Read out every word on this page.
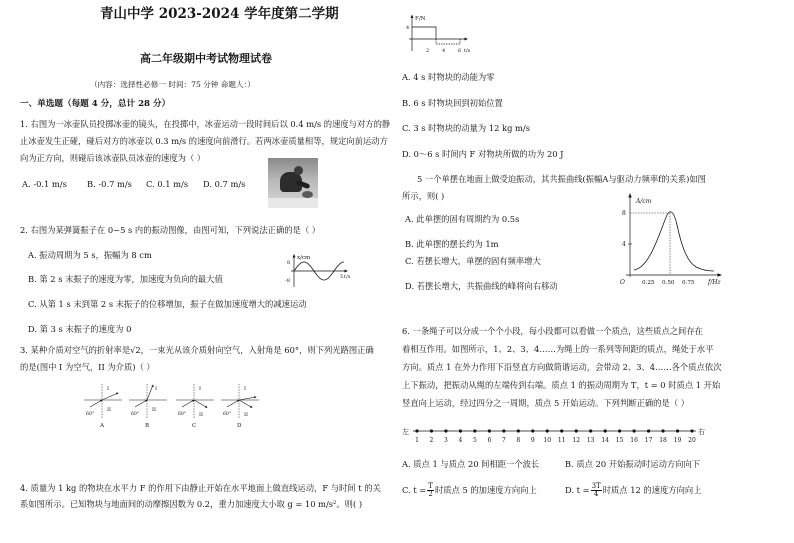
青山中学 2023-2024 学年度第二学期
高二年级期中考试物理试卷
（内容：选择性必修一 时间：75 分钟 命题人：）
一、单选题（每题 4 分，总计 28 分）
1. 右图为一冰壶队员投掷冰壶的镜头，在投掷中，冰壶运动一段时间后以 0.4 m/s 的速度与对方的静
止冰壶发生正碰，碰后对方的冰壶以 0.3 m/s 的速度向前滑行。若两冰壶质量相等，规定向前运动方
向为正方向，则碰后该冰壶队员冰壶的速度为（ ）
A. -0.1 m/s B. -0.7 m/s C. 0.1 m/s D. 0.7 m/s
2. 右图为某弹簧振子在 0~5 s 内的振动图像，由图可知，下列说法正确的是（ ）
A. 振动周期为 5 s，振幅为 8 cm
B. 第 2 s 末振子的速度为零，加速度为负向的最大值
C. 从第 1 s 末到第 2 s 末振子的位移增加，振子在做加速度增大的减速运动
D. 第 3 s 末振子的速度为 0
x/cm
8
-8
5 t/s
3. 某种介质对空气的折射率是√2，一束光从该介质射向空气，入射角是 60°，则下列光路图正确
的是(图中 I 为空气，II 为介质)（ ）
I
II
60°
A
I
II
60°
B
I
II
60°
C
I
II
60°
D
4. 质量为 1 kg 的物块在水平力 F 的作用下由静止开始在水平地面上做直线运动，F 与时间 t 的关
系如图所示。已知物块与地面间的动摩擦因数为 0.2，重力加速度大小取 g = 10 m/s²。则( )
F/N
4
2	4	6 t/s
A. 4 s 时物块的动能为零
B. 6 s 时物块回到初始位置
C. 3 s 时物块的动量为 12 kg m/s
D. 0～6 s 时间内 F 对物块所做的功为 20 J
5 一个单摆在地面上做受迫振动，其共振曲线(振幅A与驱动力频率f的关系)如图
所示，则( )
A. 此单摆的固有周期约为 0.5s
B. 此单摆的摆长约为 1m
C. 若摆长增大，单摆的固有频率增大
D. 若摆长增大，共振曲线的峰将向右移动
A/cm
8
4
O	0.25 0.50 0.75 f/Hz
6. 一条绳子可以分成一个个小段，每小段都可以看做一个质点，这些质点之间存在
着相互作用。如图所示，1、2、3、4……为绳上的一系列等间距的质点，绳处于水平
方向。质点 1 在外力作用下沿竖直方向做简谐运动，会带动 2、3、4……各个质点依次
上下振动，把振动从绳的左端传到右端。质点 1 的振动周期为 T，t = 0 时质点 1 开始
竖直向上运动，经过四分之一周期，质点 5 开始运动。下列判断正确的是（ ）
左
1 2 3 4 5 6 7 8 9 10 11 12 13 14 15 16 17 18 19 20
右
A. 质点 1 与质点 20 间相距一个波长	B. 质点 20 开始振动时运动方向向下
C. $t = \frac{T}{2}$ 时质点 5 的加速度方向向上	D. $t = \frac{3T}{4}$ 时质点 12 的速度方向向上
